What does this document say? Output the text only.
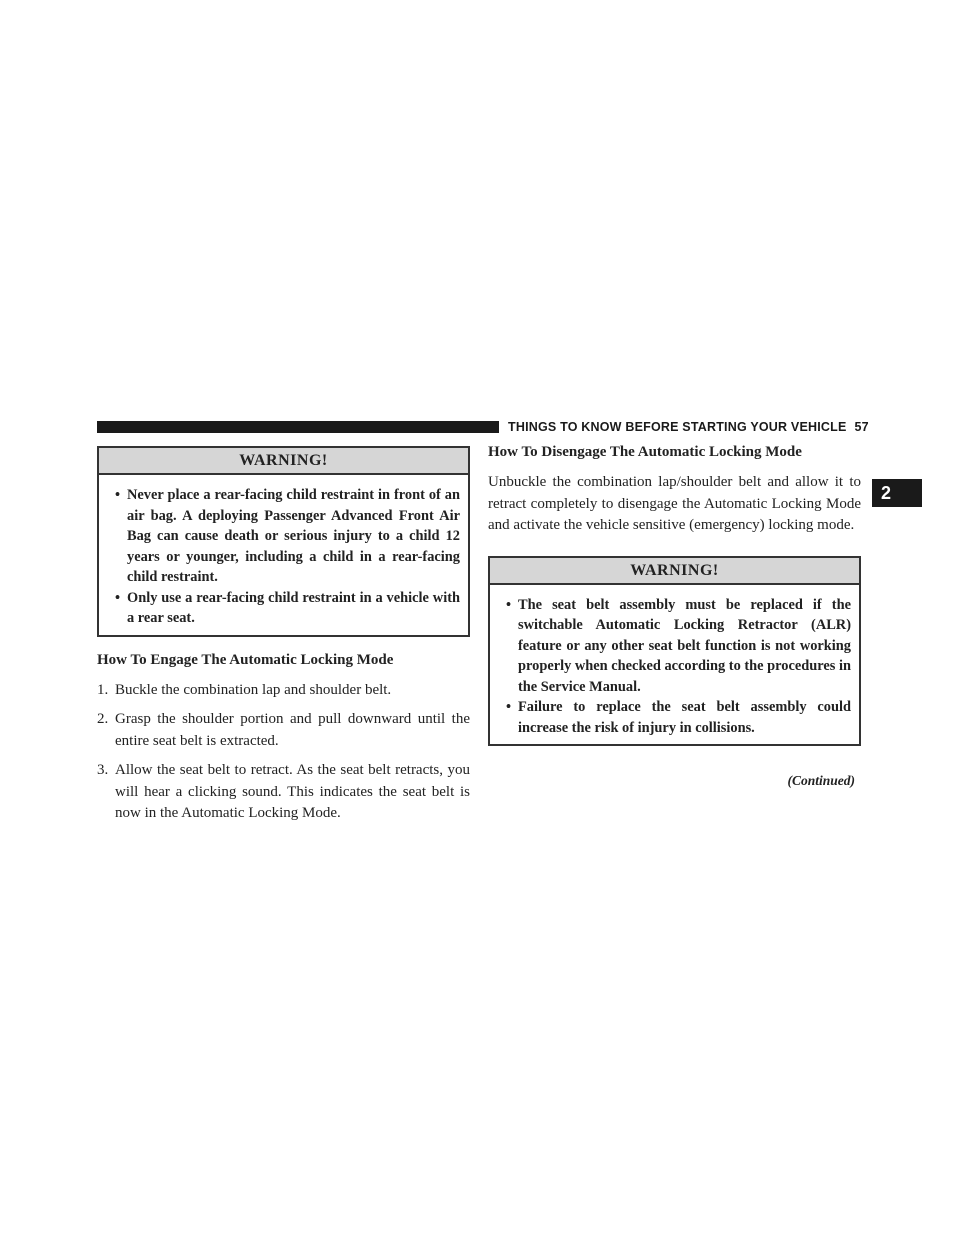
THINGS TO KNOW BEFORE STARTING YOUR VEHICLE 57
2
WARNING!
• Never place a rear-facing child restraint in front of an air bag. A deploying Passenger Advanced Front Air Bag can cause death or serious injury to a child 12 years or younger, including a child in a rear-facing child restraint.
• Only use a rear-facing child restraint in a vehicle with a rear seat.

How To Engage The Automatic Locking Mode

1. Buckle the combination lap and shoulder belt.

2. Grasp the shoulder portion and pull downward until the entire seat belt is extracted.

3. Allow the seat belt to retract. As the seat belt retracts, you will hear a clicking sound. This indicates the seat belt is now in the Automatic Locking Mode.

How To Disengage The Automatic Locking Mode

Unbuckle the combination lap/shoulder belt and allow it to retract completely to disengage the Automatic Locking Mode and activate the vehicle sensitive (emergency) locking mode.

WARNING!
• The seat belt assembly must be replaced if the switchable Automatic Locking Retractor (ALR) feature or any other seat belt function is not working properly when checked according to the procedures in the Service Manual.
• Failure to replace the seat belt assembly could increase the risk of injury in collisions.
(Continued)
